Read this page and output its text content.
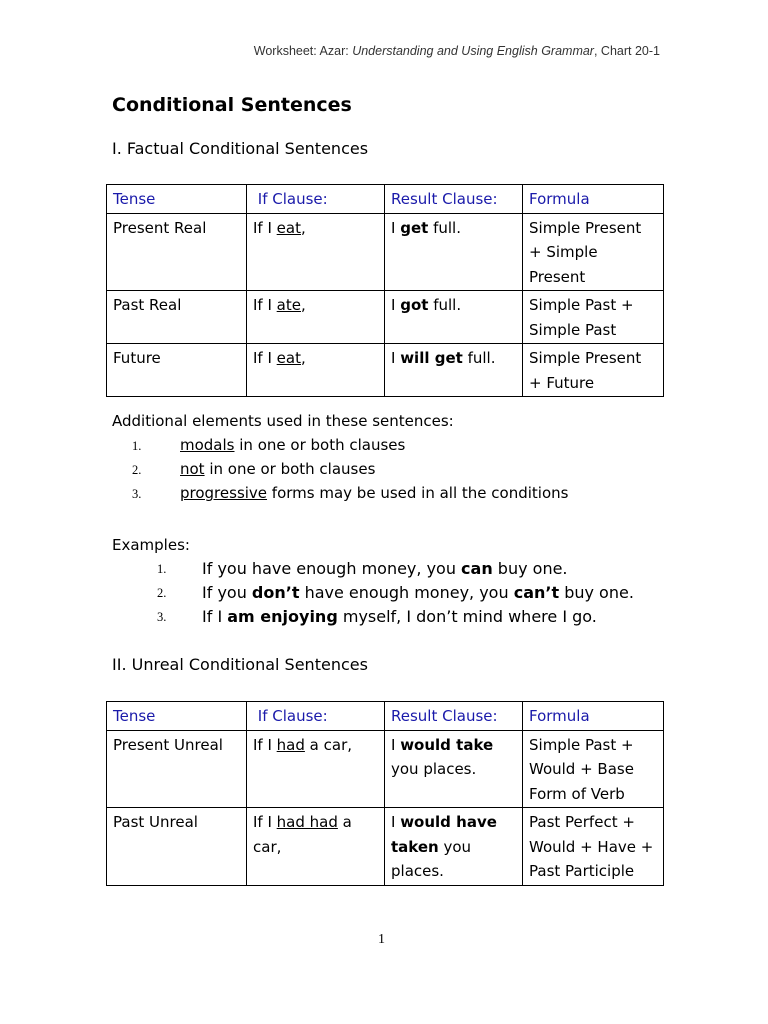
Worksheet: Azar: Understanding and Using English Grammar, Chart 20-1
Conditional Sentences
I. Factual Conditional Sentences
Tense	If Clause:	Result Clause:	Formula
Present Real	If I eat,	I get full.	Simple Present + Simple Present
Past Real	If I ate,	I got full.	Simple Past + Simple Past
Future	If I eat,	I will get full.	Simple Present + Future
Additional elements used in these sentences:
1.	modals in one or both clauses
2.	not in one or both clauses
3.	progressive forms may be used in all the conditions
Examples:
1. If you have enough money, you can buy one.
2. If you don’t have enough money, you can’t buy one.
3. If I am enjoying myself, I don’t mind where I go.
II. Unreal Conditional Sentences
Tense	If Clause:	Result Clause:	Formula
Present Unreal	If I had a car,	I would take you places.	Simple Past + Would + Base Form of Verb
Past Unreal	If I had had a car,	I would have taken you places.	Past Perfect + Would + Have + Past Participle
1
